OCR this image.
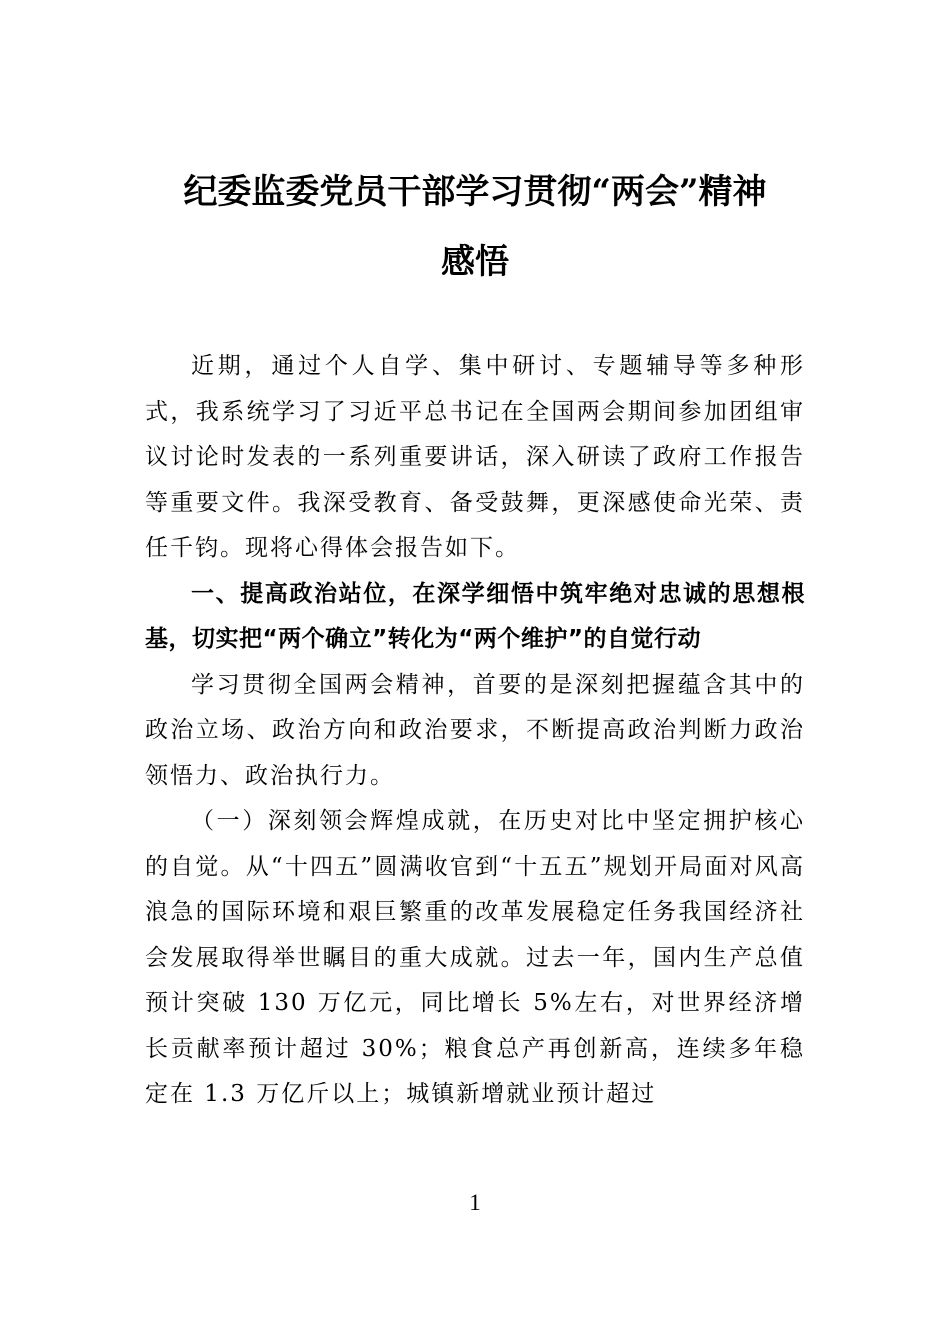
纪委监委党员干部学习贯彻“两会”精神
感悟

近期，通过个人自学、集中研讨、专题辅导等多种形式，我系统学习了习近平总书记在全国两会期间参加团组审议讨论时发表的一系列重要讲话，深入研读了政府工作报告等重要文件。我深受教育、备受鼓舞，更深感使命光荣、责任千钧。现将心得体会报告如下。

一、提高政治站位，在深学细悟中筑牢绝对忠诚的思想根基，切实把“两个确立”转化为“两个维护”的自觉行动

学习贯彻全国两会精神，首要的是深刻把握蕴含其中的政治立场、政治方向和政治要求，不断提高政治判断力政治领悟力、政治执行力。

（一）深刻领会辉煌成就，在历史对比中坚定拥护核心的自觉。从“十四五”圆满收官到“十五五”规划开局面对风高浪急的国际环境和艰巨繁重的改革发展稳定任务我国经济社会发展取得举世瞩目的重大成就。过去一年，国内生产总值预计突破 130 万亿元，同比增长 5%左右，对世界经济增长贡献率预计超过 30%；粮食总产再创新高，连续多年稳定在 1.3 万亿斤以上；城镇新增就业预计超过

1
